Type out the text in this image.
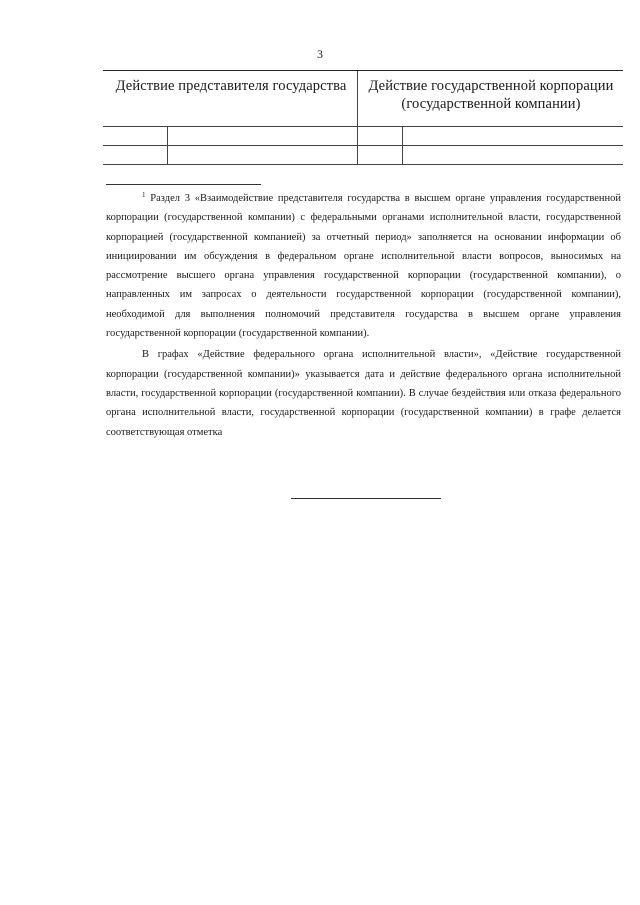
3
Действие представителя государства	Действие государственной корпорации (государственной компании)

$^1$ Раздел 3 «Взаимодействие представителя государства в высшем органе управления государственной корпорации (государственной компании) с федеральными органами исполнительной власти, государственной корпорацией (государственной компанией) за отчетный период» заполняется на основании информации об инициировании им обсуждения в федеральном органе исполнительной власти вопросов, выносимых на рассмотрение высшего органа управления государственной корпорации (государственной компании), о направленных им запросах о деятельности государственной корпорации (государственной компании), необходимой для выполнения полномочий представителя государства в высшем органе управления государственной корпорации (государственной компании).

В графах «Действие федерального органа исполнительной власти», «Действие государственной корпорации (государственной компании)» указывается дата и действие федерального органа исполнительной власти, государственной корпорации (государственной компании). В случае бездействия или отказа федерального органа исполнительной власти, государственной корпорации (государственной компании) в графе делается соответствующая отметка
